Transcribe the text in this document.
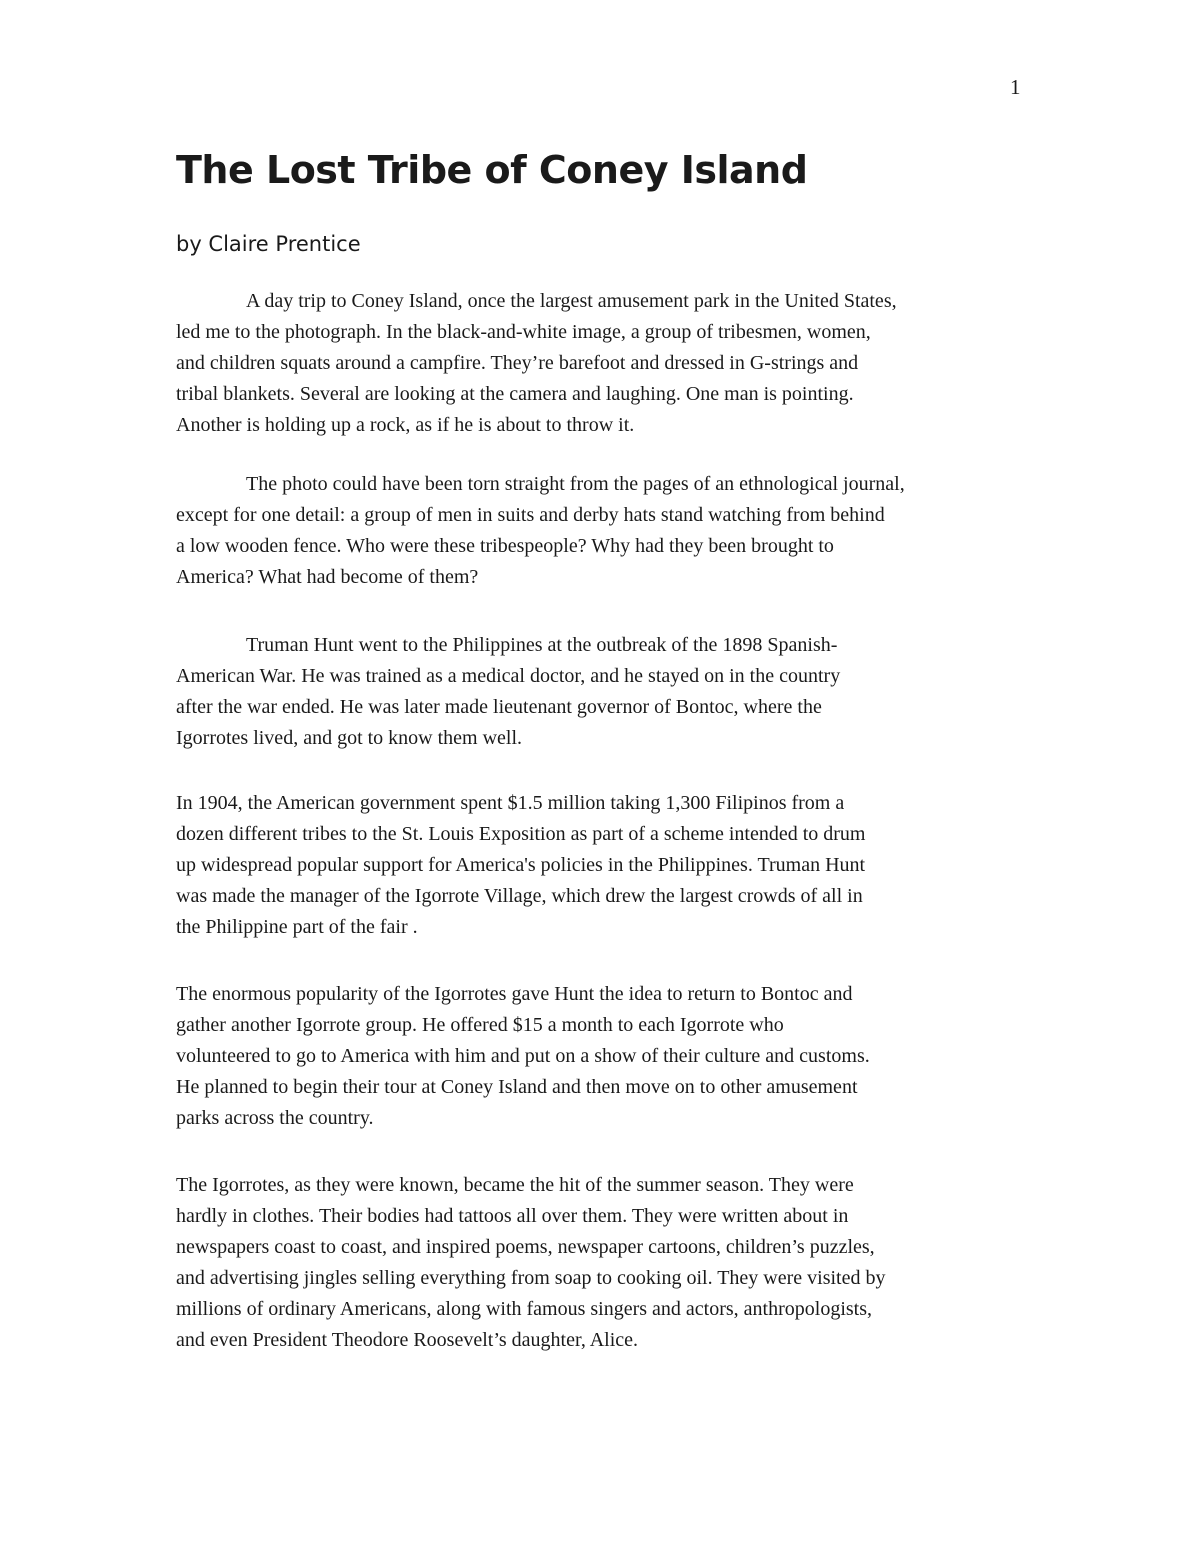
1
The Lost Tribe of Coney Island

by Claire Prentice

A day trip to Coney Island, once the largest amusement park in the United States,
led me to the photograph. In the black-and-white image, a group of tribesmen, women,
and children squats around a campfire. They’re barefoot and dressed in G-strings and
tribal blankets. Several are looking at the camera and laughing. One man is pointing.
Another is holding up a rock, as if he is about to throw it.

The photo could have been torn straight from the pages of an ethnological journal,
except for one detail: a group of men in suits and derby hats stand watching from behind
a low wooden fence. Who were these tribespeople? Why had they been brought to
America? What had become of them?

Truman Hunt went to the Philippines at the outbreak of the 1898 Spanish-
American War. He was trained as a medical doctor, and he stayed on in the country
after the war ended. He was later made lieutenant governor of Bontoc, where the
Igorrotes lived, and got to know them well.

In 1904, the American government spent $1.5 million taking 1,300 Filipinos from a
dozen different tribes to the St. Louis Exposition as part of a scheme intended to drum
up widespread popular support for America's policies in the Philippines. Truman Hunt
was made the manager of the Igorrote Village, which drew the largest crowds of all in
the Philippine part of the fair .

The enormous popularity of the Igorrotes gave Hunt the idea to return to Bontoc and
gather another Igorrote group. He offered $15 a month to each Igorrote who
volunteered to go to America with him and put on a show of their culture and customs.
He planned to begin their tour at Coney Island and then move on to other amusement
parks across the country.

The Igorrotes, as they were known, became the hit of the summer season. They were
hardly in clothes. Their bodies had tattoos all over them. They were written about in
newspapers coast to coast, and inspired poems, newspaper cartoons, children’s puzzles,
and advertising jingles selling everything from soap to cooking oil. They were visited by
millions of ordinary Americans, along with famous singers and actors, anthropologists,
and even President Theodore Roosevelt’s daughter, Alice.
